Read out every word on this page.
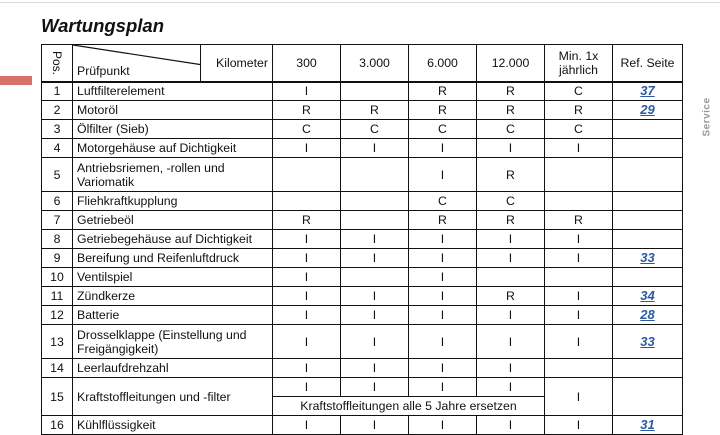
Wartungsplan
Service
Pos.	Prüfpunkt	Kilometer	300	3.000	6.000	12.000	Min. 1x
jährlich	Ref. Seite
1	Luftfilterelement		I		R	R	C	37
2	Motoröl		R	R	R	R	R	29
3	Ölfilter (Sieb)		C	C	C	C	C	
4	Motorgehäuse auf Dichtigkeit		I	I	I	I	I	
5	Antriebsriemen, -rollen und
Variomatik				I	R		
6	Fliehkraftkupplung				C	C		
7	Getriebeöl		R		R	R	R	
8	Getriebegehäuse auf Dichtigkeit		I	I	I	I	I	
9	Bereifung und Reifenluftdruck		I	I	I	I	I	33
10	Ventilspiel		I		I			
11	Zündkerze		I	I	I	R	I	34
12	Batterie		I	I	I	I	I	28
13	Drosselklappe (Einstellung und
Freigängigkeit)		I	I	I	I	I	33
14	Leerlaufdrehzahl		I	I	I	I		
15	Kraftstoffleitungen und -filter		I	I	I	I	I	
			Kraftstoffleitungen alle 5 Jahre ersetzen					
16	Kühlflüssigkeit		I	I	I	I	I	31
